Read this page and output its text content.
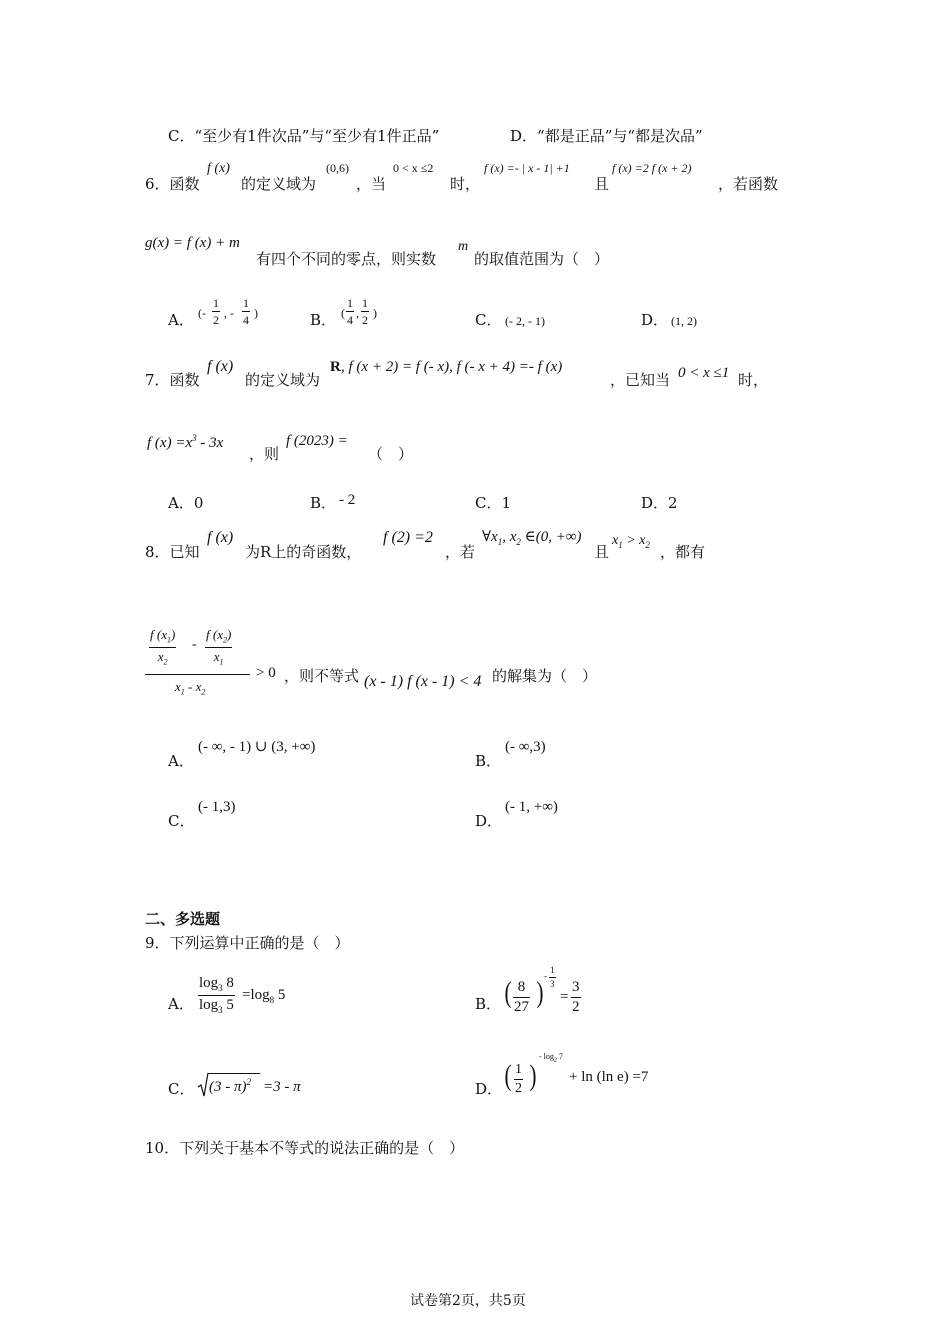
C．“至少有1件次品”与“至少有1件正品”	D．“都是正品”与“都是次品”
6．函数
f (x)
的定义域为
(0,6)
，当
0 < x ≤2
时，
f (x) =- | x - 1| +1
且
f (x) =2 f (x + 2)
，若函数
g(x) = f (x) + m
有四个不同的零点，则实数
m
的取值范围为（　）
A． (-
1
2 , -
1
4 )	B． (
1
4 ,
1
2 )	C． (- 2, - 1)	D． (1, 2)
7．函数
f (x)
的定义域为
R , f (x + 2) = f (- x), f (- x + 4) =- f (x)
，已知当 0 < x ≤1 时，
f $(x) =x^3 - 3x$
，则
f (2023) =
（　）
A．0	B． - 2	C．1	D．2
8．已知
f (x)
为R上的奇函数，
f (2) =2
，若
$\forall x_1$, $x_2$ ∈(0, +∞)
且
$x_1 > x_2$ ，都有
f $(x_1)$
$x_2$
-
f $(x_2)$
$x_1$
$x_1 - x_2$
> 0 ，则不等式 (x - 1) f (x - 1) < 4 的解集为（　）
A．
(- ∞, - 1) ∪ (3, +∞)
B．
(- ∞,3)
C．
(- 1,3)
D．
(- 1, +∞)
二、多选题
9．下列运算中正确的是（　）
A．
$\log_3 8$
$\log_3 5$
$=\log_8$ 5	B． ( 8
27 ) -
1
3
=
3
2
C． (3 - π)$^2$ =3 - π	D． ( 1
2 )
- $\log_2 7$
+ ln (ln e) =7
10．下列关于基本不等式的说法正确的是（　）
试卷第2页，共5页
